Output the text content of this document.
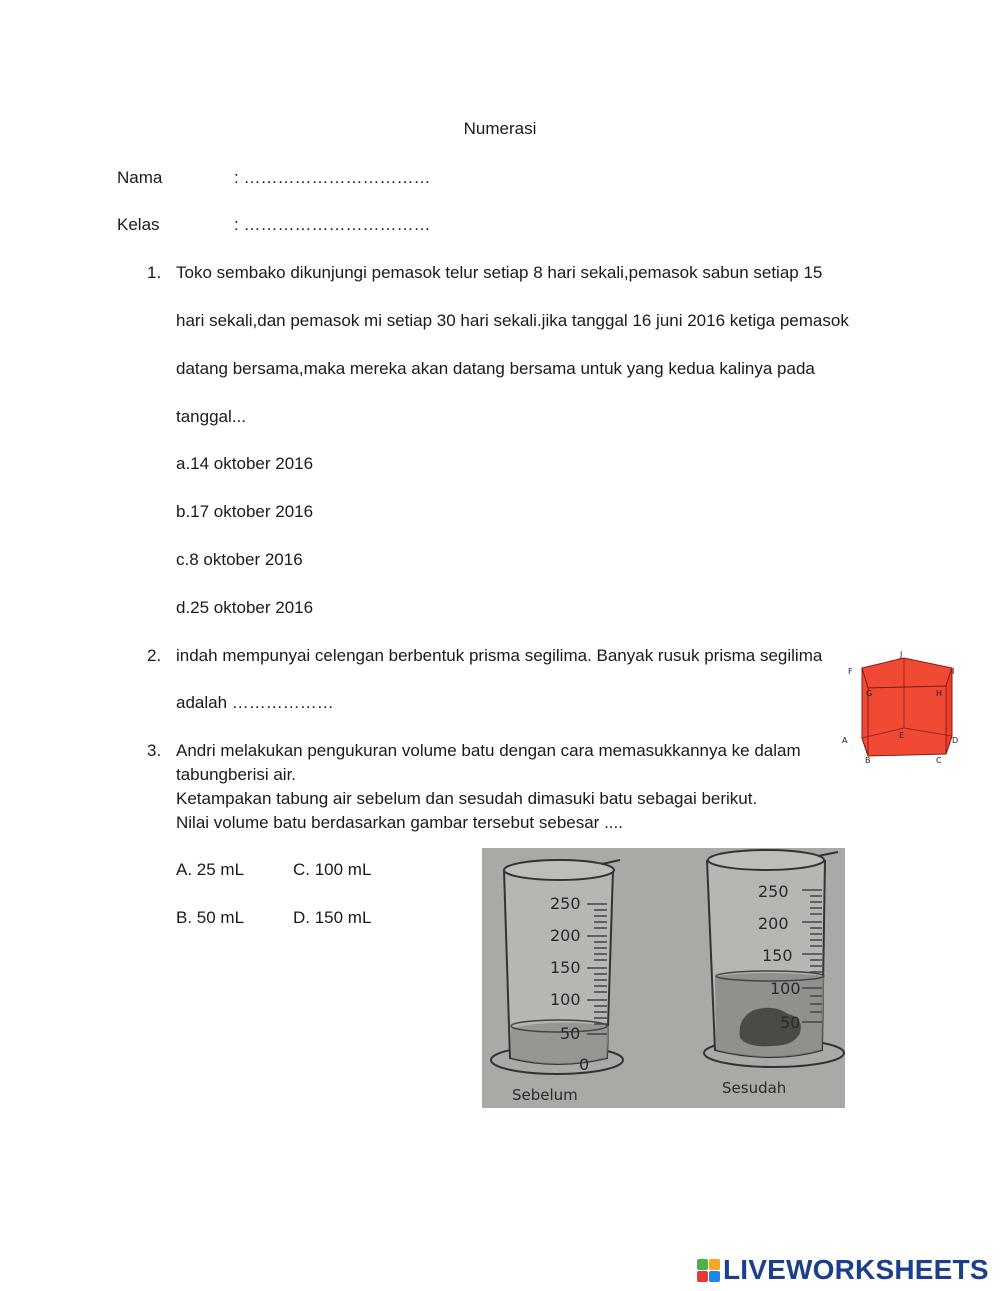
Numerasi
Nama	: ……………………………
Kelas	: ……………………………
1. Toko sembako dikunjungi pemasok telur setiap 8 hari sekali,pemasok sabun setiap 15
hari sekali,dan pemasok mi setiap 30 hari sekali.jika tanggal 16 juni 2016 ketiga pemasok
datang bersama,maka mereka akan datang bersama untuk yang kedua kalinya pada
tanggal...
a.14 oktober 2016
b.17 oktober 2016
c.8 oktober 2016
d.25 oktober 2016
2. indah mempunyai celengan berbentuk prisma segilima. Banyak rusuk prisma segilima
adalah ………………
A
B	C
D
E
F
G	H
I
J
3. Andri melakukan pengukuran volume batu dengan cara memasukkannya ke dalam
tabungberisi air.
Ketampakan tabung air sebelum dan sesudah dimasuki batu sebagai berikut.
Nilai volume batu berdasarkan gambar tersebut sebesar ....
A. 25 mL	C. 100 mL
B. 50 mL	D. 150 mL
250
200
150
100
50
0
Sebelum
250
200
150
100
50
Sesudah
LIVEWORKSHEETS
